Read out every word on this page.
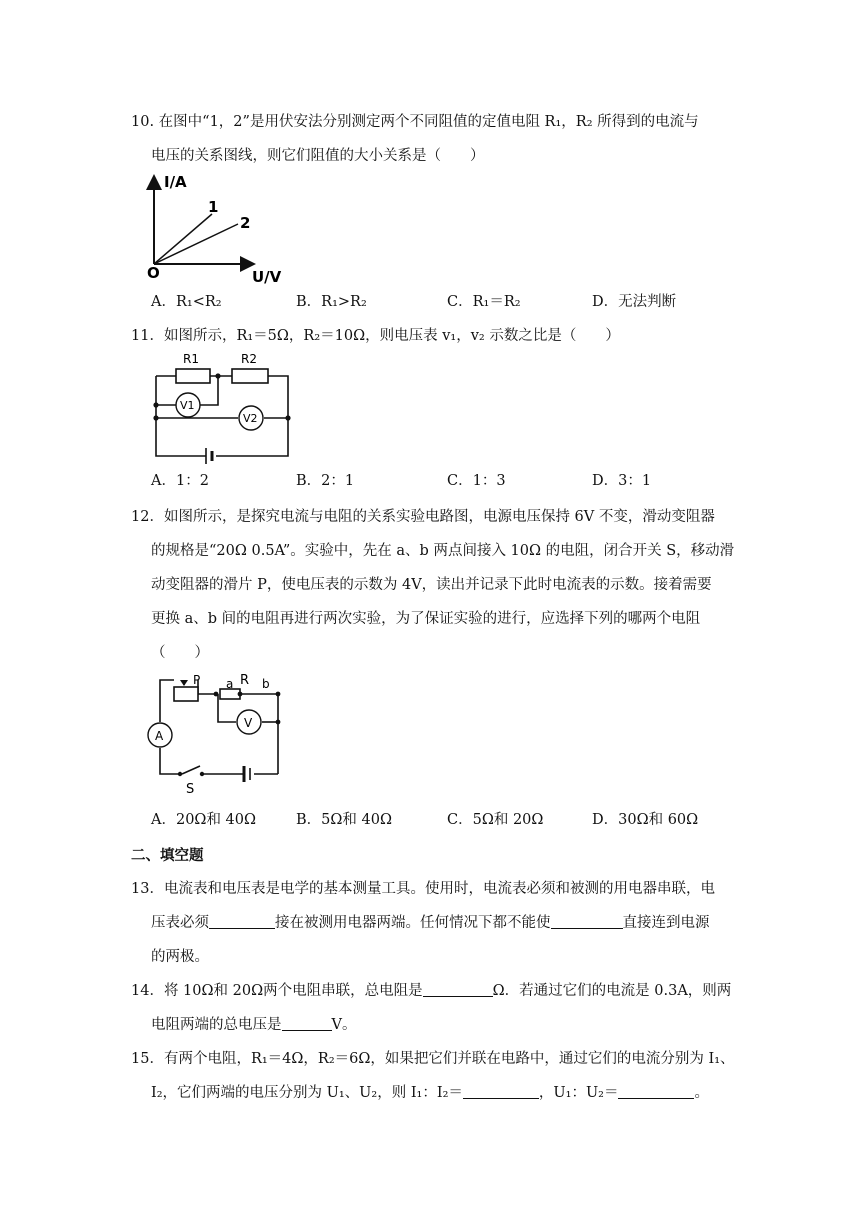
10. 在图中“1，2”是用伏安法分别测定两个不同阻值的定值电阻 R₁，R₂ 所得到的电流与
电压的关系图线，则它们阻值的大小关系是（　　）
I/A
U/V
O
1
2
A．R₁<R₂	B．R₁>R₂	C．R₁＝R₂	D．无法判断
11．如图所示，R₁＝5Ω，R₂＝10Ω，则电压表 v₁，v₂ 示数之比是（　　）
R1	R2
V1
V2
A．1：2	B．2：1	C．1：3	D．3：1
12．如图所示，是探究电流与电阻的关系实验电路图，电源电压保持 6V 不变，滑动变阻器
的规格是“20Ω 0.5A”。实验中，先在 a、b 两点间接入 10Ω 的电阻，闭合开关 S，移动滑
动变阻器的滑片 P，使电压表的示数为 4V，读出并记录下此时电流表的示数。接着需要
更换 a、b 间的电阻再进行两次实验，为了保证实验的进行，应选择下列的哪两个电阻
（　　）
P a R b
V
A
S
A．20Ω和 40Ω	B．5Ω和 40Ω	C．5Ω和 20Ω	D．30Ω和 60Ω
二、填空题
13．电流表和电压表是电学的基本测量工具。使用时，电流表必须和被测的用电器串联，电
压表必须	接在被测用电器两端。任何情况下都不能使	直接连到电源
的两极。
14．将 10Ω和 20Ω两个电阻串联，总电阻是	Ω．若通过它们的电流是 0.3A，则两
电阻两端的总电压是	V。
15．有两个电阻，R₁＝4Ω，R₂＝6Ω，如果把它们并联在电路中，通过它们的电流分别为 I₁、
I₂，它们两端的电压分别为 U₁、U₂，则 I₁：I₂＝	，U₁：U₂＝	。
